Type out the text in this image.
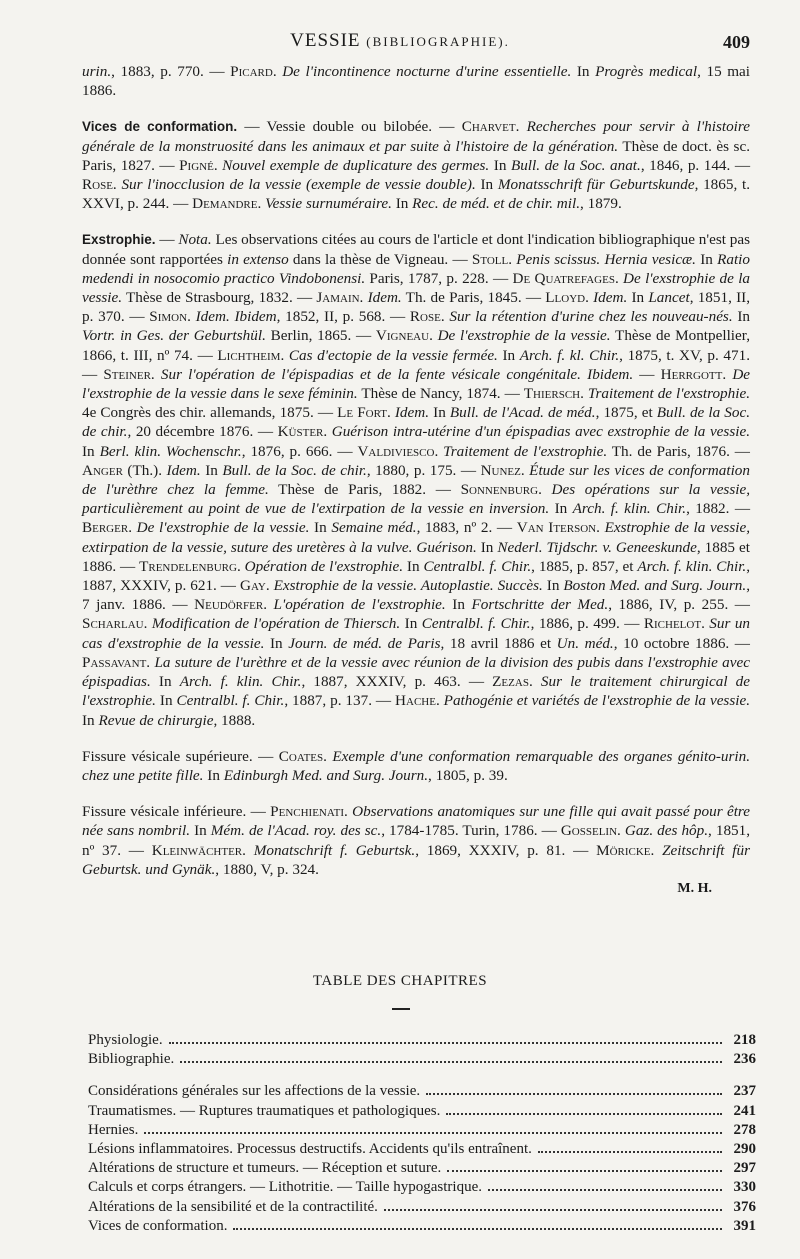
VESSIE (BIBLIOGRAPHIE).	409

urin., 1883, p. 770. — Picard. De l'incontinence nocturne d'urine essentielle. In Progrès medical, 15 mai 1886.

Vices de conformation. — Vessie double ou bilobée. — Charvet. Recherches pour servir à l'histoire générale de la monstruosité dans les animaux et par suite à l'histoire de la génération. Thèse de doct. ès sc. Paris, 1827. — Pigné. Nouvel exemple de duplicature des germes. In Bull. de la Soc. anat., 1846, p. 144. — Rose. Sur l'inocclusion de la vessie (exemple de vessie double). In Monatsschrift für Geburtskunde, 1865, t. XXVI, p. 244. — Demandre. Vessie surnuméraire. In Rec. de méd. et de chir. mil., 1879.

Exstrophie. — Nota. Les observations citées au cours de l'article et dont l'indication bibliographique n'est pas donnée sont rapportées in extenso dans la thèse de Vigneau. — Stoll. Penis scissus. Hernia vesicæ. In Ratio medendi in nosocomio practico Vindobonensi. Paris, 1787, p. 228. — De Quatrefages. De l'exstrophie de la vessie. Thèse de Strasbourg, 1832. — Jamain. Idem. Th. de Paris, 1845. — Lloyd. Idem. In Lancet, 1851, II, p. 370. — Simon. Idem. Ibidem, 1852, II, p. 568. — Rose. Sur la rétention d'urine chez les nouveau-nés. In Vortr. in Ges. der Geburtshül. Berlin, 1865. — Vigneau. De l'exstrophie de la vessie. Thèse de Montpellier, 1866, t. III, nº 74. — Lichtheim. Cas d'ectopie de la vessie fermée. In Arch. f. kl. Chir., 1875, t. XV, p. 471. — Steiner. Sur l'opération de l'épispadias et de la fente vésicale congénitale. Ibidem. — Herrgott. De l'exstrophie de la vessie dans le sexe féminin. Thèse de Nancy, 1874. — Thiersch. Traitement de l'exstrophie. 4e Congrès des chir. allemands, 1875. — Le Fort. Idem. In Bull. de l'Acad. de méd., 1875, et Bull. de la Soc. de chir., 20 décembre 1876. — Küster. Guérison intra-utérine d'un épispadias avec exstrophie de la vessie. In Berl. klin. Wochenschr., 1876, p. 666. — Valdiviesco. Traitement de l'exstrophie. Th. de Paris, 1876. — Anger (Th.). Idem. In Bull. de la Soc. de chir., 1880, p. 175. — Nunez. Étude sur les vices de conformation de l'urèthre chez la femme. Thèse de Paris, 1882. — Sonnenburg. Des opérations sur la vessie, particulièrement au point de vue de l'extirpation de la vessie en inversion. In Arch. f. klin. Chir., 1882. — Berger. De l'exstrophie de la vessie. In Semaine méd., 1883, nº 2. — Van Iterson. Exstrophie de la vessie, extirpation de la vessie, suture des uretères à la vulve. Guérison. In Nederl. Tijdschr. v. Geneeskunde, 1885 et 1886. — Trendelenburg. Opération de l'exstrophie. In Centralbl. f. Chir., 1885, p. 857, et Arch. f. klin. Chir., 1887, XXXIV, p. 621. — Gay. Exstrophie de la vessie. Autoplastie. Succès. In Boston Med. and Surg. Journ., 7 janv. 1886. — Neudörfer. L'opération de l'exstrophie. In Fortschritte der Med., 1886, IV, p. 255. — Scharlau. Modification de l'opération de Thiersch. In Centralbl. f. Chir., 1886, p. 499. — Richelot. Sur un cas d'exstrophie de la vessie. In Journ. de méd. de Paris, 18 avril 1886 et Un. méd., 10 octobre 1886. — Passavant. La suture de l'urèthre et de la vessie avec réunion de la division des pubis dans l'exstrophie avec épispadias. In Arch. f. klin. Chir., 1887, XXXIV, p. 463. — Zezas. Sur le traitement chirurgical de l'exstrophie. In Centralbl. f. Chir., 1887, p. 137. — Hache. Pathogénie et variétés de l'exstrophie de la vessie. In Revue de chirurgie, 1888.

Fissure vésicale supérieure. — Coates. Exemple d'une conformation remarquable des organes génito-urin. chez une petite fille. In Edinburgh Med. and Surg. Journ., 1805, p. 39.

Fissure vésicale inférieure. — Penchienati. Observations anatomiques sur une fille qui avait passé pour être née sans nombril. In Mém. de l'Acad. roy. des sc., 1784-1785. Turin, 1786. — Gosselin. Gaz. des hôp., 1851, nº 37. — Kleinwächter. Monatschrift f. Geburtsk., 1869, XXXIV, p. 81. — Möricke. Zeitschrift für Geburtsk. und Gynäk., 1880, V, p. 324.

M. H.
TABLE DES CHAPITRES
Physiologie.	218
Bibliographie.	236
Considérations générales sur les affections de la vessie.	237
Traumatismes. — Ruptures traumatiques et pathologiques.	241
Hernies.	278
Lésions inflammatoires. Processus destructifs. Accidents qu'ils entraînent.	290
Altérations de structure et tumeurs. — Réception et suture.	297
Calculs et corps étrangers. — Lithotritie. — Taille hypogastrique.	330
Altérations de la sensibilité et de la contractilité.	376
Vices de conformation.	391
